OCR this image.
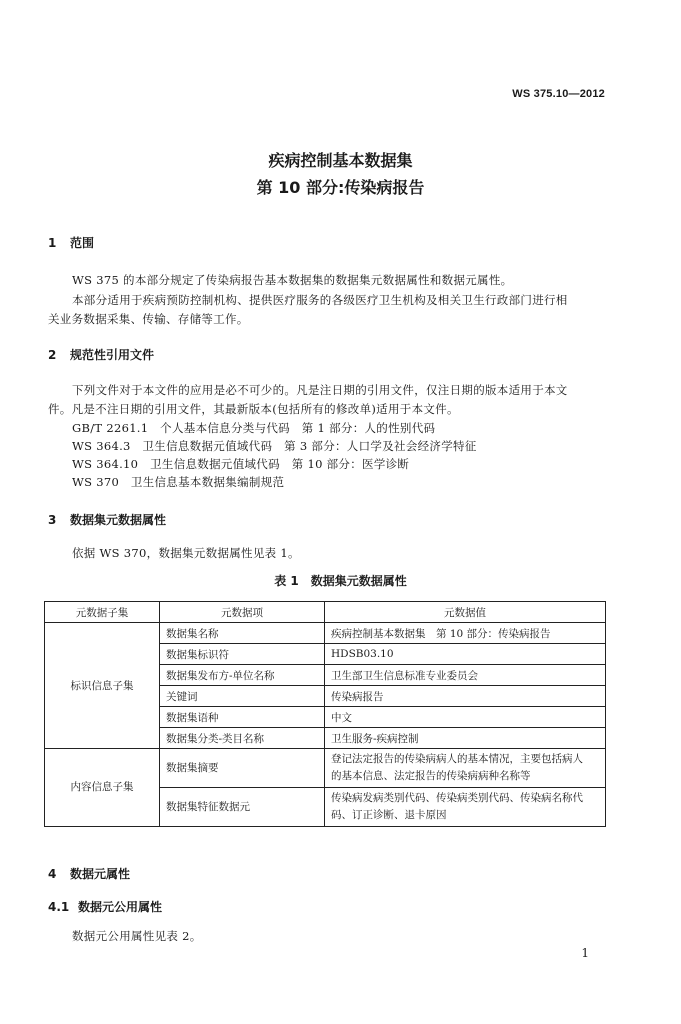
WS 375.10—2012
疾病控制基本数据集
第 10 部分:传染病报告
1 范围
WS 375 的本部分规定了传染病报告基本数据集的数据集元数据属性和数据元属性。
本部分适用于疾病预防控制机构、提供医疗服务的各级医疗卫生机构及相关卫生行政部门进行相
关业务数据采集、传输、存储等工作。
2 规范性引用文件
下列文件对于本文件的应用是必不可少的。凡是注日期的引用文件，仅注日期的版本适用于本文
件。凡是不注日期的引用文件，其最新版本(包括所有的修改单)适用于本文件。
GB/T 2261.1　个人基本信息分类与代码　第 1 部分：人的性别代码
WS 364.3　卫生信息数据元值域代码　第 3 部分：人口学及社会经济学特征
WS 364.10　卫生信息数据元值域代码　第 10 部分：医学诊断
WS 370　卫生信息基本数据集编制规范
3 数据集元数据属性
依据 WS 370，数据集元数据属性见表 1。
表 1　数据集元数据属性
元数据子集	元数据项	元数据值
标识信息子集	数据集名称	疾病控制基本数据集　第 10 部分：传染病报告
	数据集标识符	HDSB03.10
	数据集发布方-单位名称	卫生部卫生信息标准专业委员会
	关键词	传染病报告
	数据集语种	中文
	数据集分类-类目名称	卫生服务-疾病控制
内容信息子集	数据集摘要	登记法定报告的传染病病人的基本情况，主要包括病人
的基本信息、法定报告的传染病病种名称等

	数据集特征数据元	传染病发病类别代码、传染病类别代码、传染病名称代
码、订正诊断、退卡原因
4 数据元属性
4.1 数据元公用属性
数据元公用属性见表 2。
1
